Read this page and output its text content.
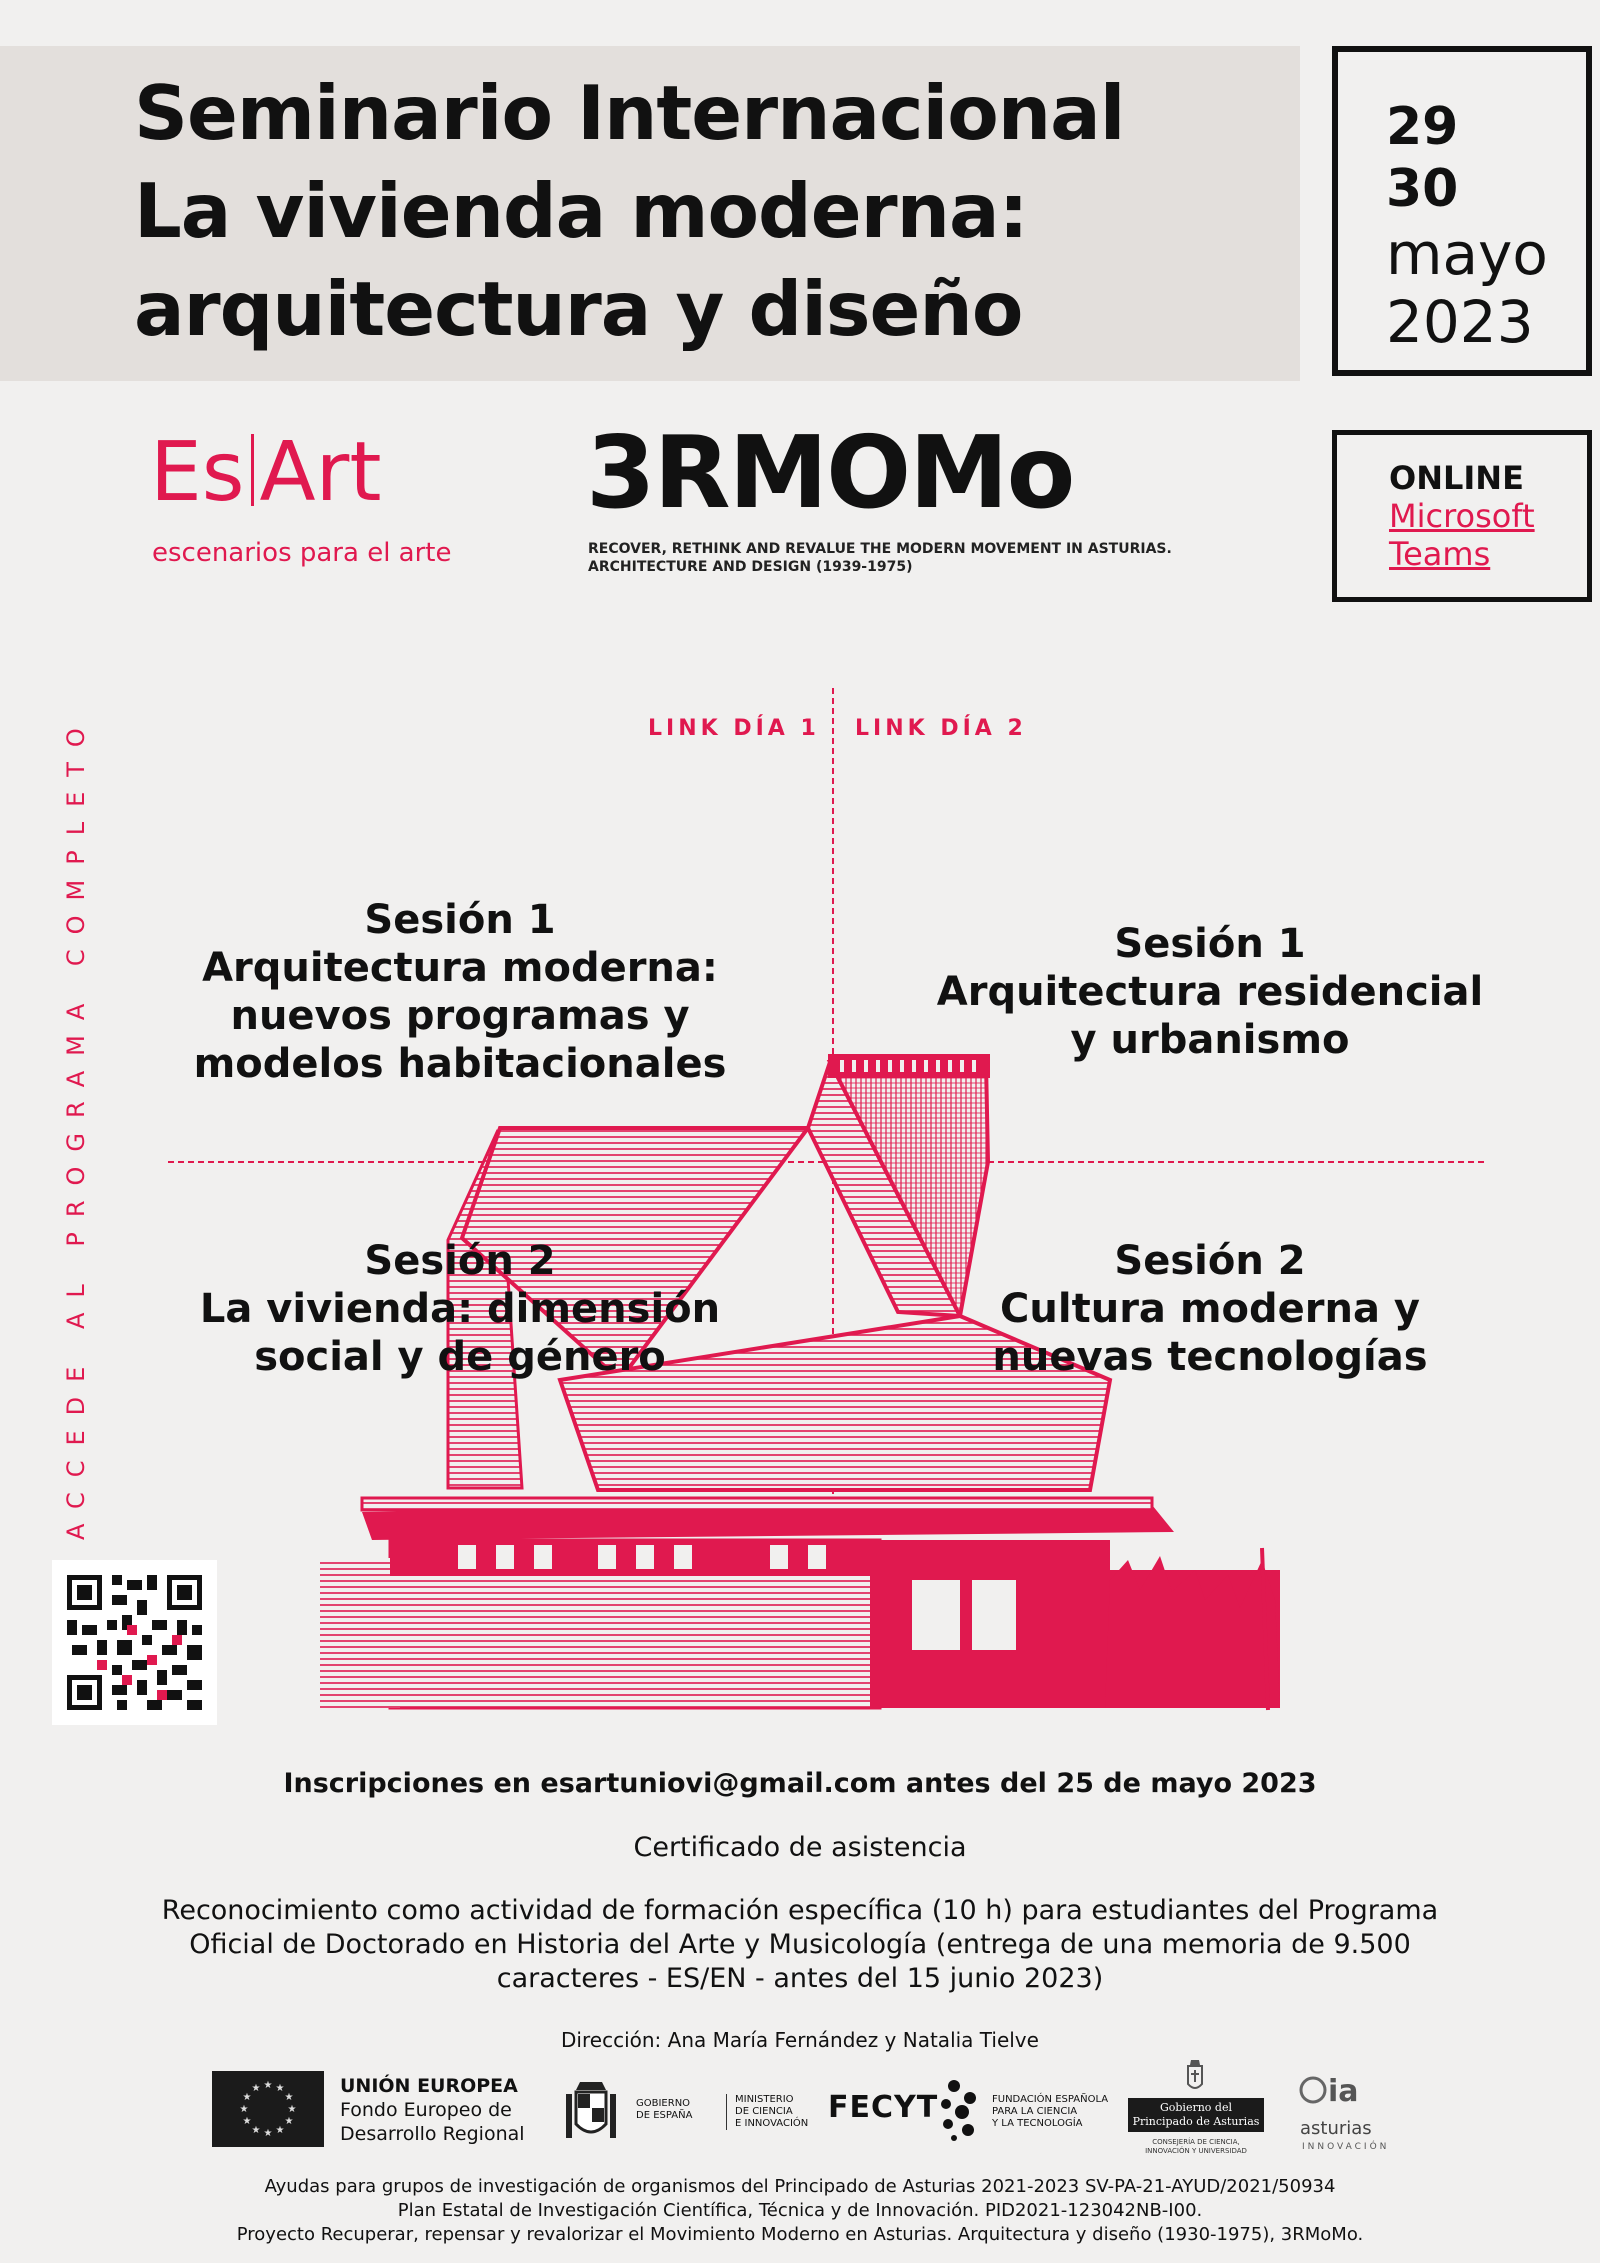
Seminario Internacional
La vivienda moderna:
arquitectura y diseño
29
30
mayo
2023
ONLINE
Microsoft
Teams
Es Art
escenarios para el arte
3RMOMo
RECOVER, RETHINK AND REVALUE THE MODERN MOVEMENT IN ASTURIAS.
ARCHITECTURE AND DESIGN (1939-1975)
ACCEDE AL PROGRAMA COMPLETO	LINK DÍA 1 LINK DÍA 2
Sesión 1
Arquitectura moderna:
nuevos programas y
modelos habitacionales
Sesión 1
Arquitectura residencial
y urbanismo
Sesión 2
La vivienda: dimensión
social y de género
Sesión 2
Cultura moderna y
nuevas tecnologías
Inscripciones en esartuniovi@gmail.com antes del 25 de mayo 2023
Certificado de asistencia
Reconocimiento como actividad de formación específica (10 h) para estudiantes del Programa
Oficial de Doctorado en Historia del Arte y Musicología (entrega de una memoria de 9.500
caracteres - ES/EN - antes del 15 junio 2023)
Dirección: Ana María Fernández y Natalia Tielve
★ ★
★
★
★
★
★
★
★
★
★
★	UNIÓN EUROPEA
Fondo Europeo de
Desarrollo Regional
GOBIERNO
DE ESPAÑA
MINISTERIO
DE CIENCIA
E INNOVACIÓN FECYT	FUNDACIÓN ESPAÑOLA
PARA LA CIENCIA
Y LA TECNOLOGÍA
Gobierno del
Principado de Asturias
CONSEJERÍA DE CIENCIA,
INNOVACIÓN Y UNIVERSIDAD
ia
asturias
INNOVACIÓN
Ayudas para grupos de investigación de organismos del Principado de Asturias 2021-2023 SV-PA-21-AYUD/2021/50934
Plan Estatal de Investigación Científica, Técnica y de Innovación. PID2021-123042NB-I00.
Proyecto Recuperar, repensar y revalorizar el Movimiento Moderno en Asturias. Arquitectura y diseño (1930-1975), 3RMoMo.
